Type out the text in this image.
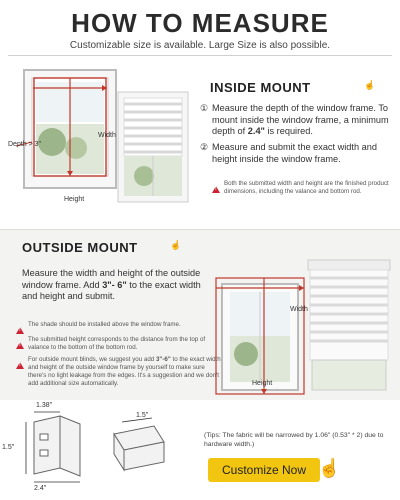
HOW TO MEASURE
Customizable size is available. Large Size is also possible.
Depth > 3"
Width
Height
INSIDE MOUNT	☝
① Measure the depth of the window frame. To mount inside the window frame, a minimum depth of 2.4" is required.
② Measure and submit the exact width and height inside the window frame.
!
Both the submitted width and height are the finished product dimensions, including the valance and bottom rod.
OUTSIDE MOUNT	☝
Measure the width and height of the outside window frame. Add 3"- 6" to the exact width and height and submit.
!
The shade should be installed above the window frame.
!
The submitted height corresponds to the distance from the top of valance to the bottom of the bottom rod.
!
For outside mount blinds, we suggest you add 3"-6" to the exact width and height of the outside window frame by yourself to make sure there's no light leakage from the edges. It's a suggestion and we don't add additional size automatically.
Width
Height
1.38"
1.5"
2.4"
1.5"
(Tips: The fabric will be narrowed by 1.06" (0.53" * 2) due to hardware width.)
Customize Now ☝
